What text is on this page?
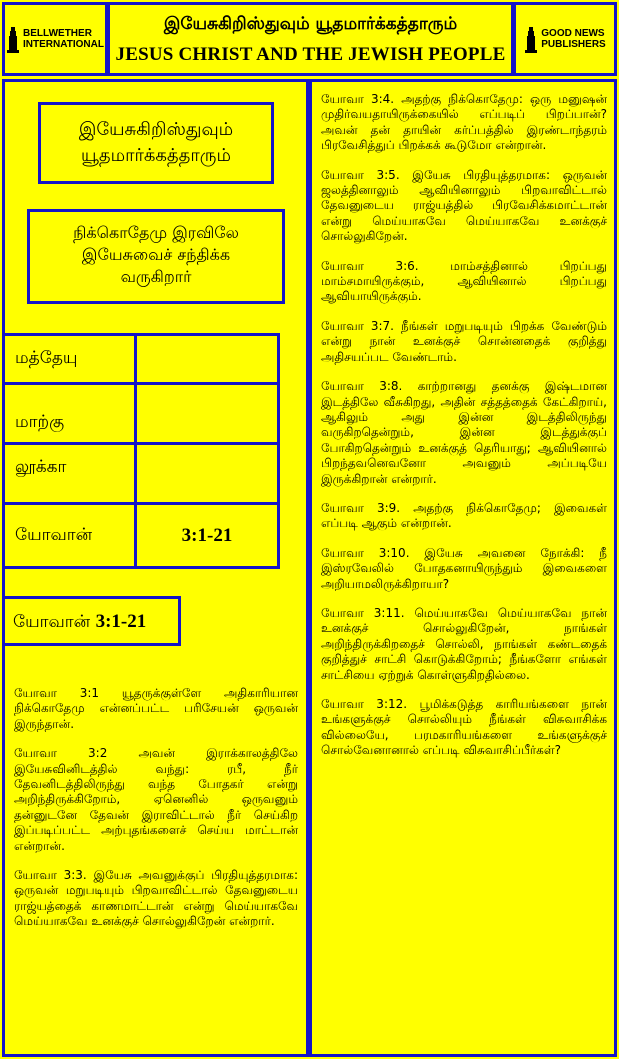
BELLWETHER
INTERNATIONAL
இயேசுகிறிஸ்துவும் யூதமார்க்கத்தாரும்
JESUS CHRIST AND THE JEWISH PEOPLE
GOOD NEWS
PUBLISHERS
இயேசுகிறிஸ்துவும்
யூதமார்க்கத்தாரும்
நிக்கொதேமு இரவிலே
இயேசுவைச் சந்திக்க
வருகிறார்
மத்தேயு	
மாற்கு	
லூக்கா	
யோவான்	3:1-21
யோவான் 3:1-21

யோவா 3:1 யூதருக்குள்ளே அதிகாரியான நிக்கொதேமு என்னப்பட்ட பரிசேயன் ஒருவன் இருந்தான்.

யோவா 3:2 அவன் இராக்காலத்திலே இயேசுவினிடத்தில் வந்து: ரபீ, நீர் தேவனிடத்திலிருந்து வந்த போதகர் என்று அறிந்திருக்கிறோம், ஏனெனில் ஒருவனும் தன்னுடனே தேவன் இராவிட்டால் நீர் செய்கிற இப்படிப்பட்ட அற்புதங்களைச் செய்ய மாட்டான் என்றான்.

யோவா 3:3. இயேசு அவனுக்குப் பிரதியுத்தரமாக: ஒருவன் மறுபடியும் பிறவாவிட்டால் தேவனுடைய ராஜ்யத்தைக் காணமாட்டான் என்று மெய்யாகவே மெய்யாகவே உனக்குச் சொல்லுகிறேன் என்றார்.

யோவா 3:4. அதற்கு நிக்கொதேமு: ஒரு மனுஷன் முதிர்வயதாயிருக்கையில் எப்படிப் பிறப்பான்? அவன் தன் தாயின் கர்ப்பத்தில் இரண்டாந்தரம் பிரவேசித்துப் பிறக்கக் கூடுமோ என்றான்.

யோவா 3:5. இயேசு பிரதியுத்தரமாக: ஒருவன் ஜலத்தினாலும் ஆவியினாலும் பிறவாவிட்டால் தேவனுடைய ராஜ்யத்தில் பிரவேசிக்கமாட்டான் என்று மெய்யாகவே மெய்யாகவே உனக்குச் சொல்லுகிறேன்.

யோவா 3:6. மாம்சத்தினால் பிறப்பது மாம்சமாயிருக்கும், ஆவியினால் பிறப்பது ஆவியாயிருக்கும்.

யோவா 3:7. நீங்கள் மறுபடியும் பிறக்க வேண்டும் என்று நான் உனக்குச் சொன்னதைக் குறித்து அதிசயப்பட வேண்டாம்.

யோவா 3:8. காற்றானது தனக்கு இஷ்டமான இடத்திலே வீசுகிறது, அதின் சத்தத்தைக் கேட்கிறாய், ஆகிலும் அது இன்ன இடத்திலிருந்து வருகிறதென்றும், இன்ன இடத்துக்குப் போகிறதென்றும் உனக்குத் தெரியாது; ஆவியினால் பிறந்தவனெவனோ அவனும் அப்படியே இருக்கிறான் என்றார்.

யோவா 3:9. அதற்கு நிக்கொதேமு; இவைகள் எப்படி ஆகும் என்றான்.

யோவா 3:10. இயேசு அவனை நோக்கி: நீ இஸ்ரவேலில் போதகனாயிருந்தும் இவைகளை அறியாமலிருக்கிறாயா?

யோவா 3:11. மெய்யாகவே மெய்யாகவே நான் உனக்குச் சொல்லுகிறேன், நாங்கள் அறிந்திருக்கிறதைச் சொல்லி, நாங்கள் கண்டதைக் குறித்துச் சாட்சி கொடுக்கிறோம்; நீங்களோ எங்கள் சாட்சியை ஏற்றுக் கொள்ளுகிறதில்லை.

யோவா 3:12. பூமிக்கடுத்த காரியங்களை நான் உங்களுக்குச் சொல்லியும் நீங்கள் விசுவாசிக்க வில்லையே, பரமகாரியங்களை உங்களுக்குச் சொல்வேனானால் எப்படி விசுவாசிப்பீர்கள்?
